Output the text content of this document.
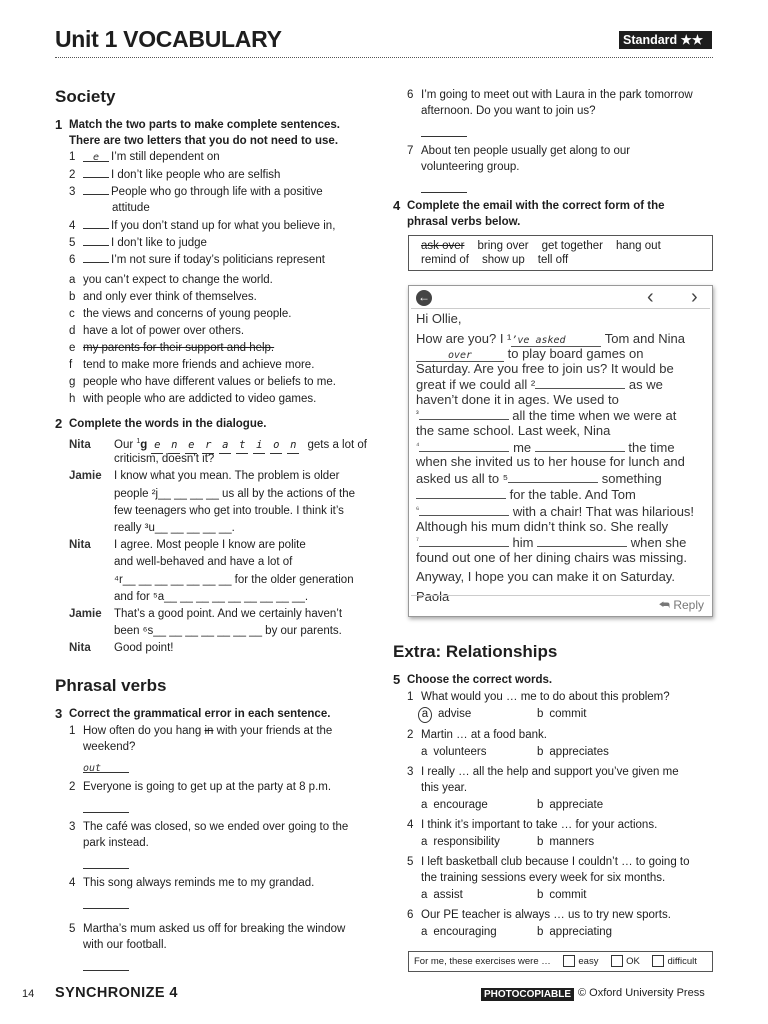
Unit 1 VOCABULARY	Standard ★★
Society
1 Match the two parts to make complete sentences.
There are two letters that you do not need to use.
1 e I’m still dependent on
2	I don’t like people who are selfish
3	People who go through life with a positive
attitude
4	If you don’t stand up for what you believe in,
5	I don’t like to judge
6	I’m not sure if today’s politicians represent
a you can’t expect to change the world.
b and only ever think of themselves.
c the views and concerns of young people.
d have a lot of power over others.
e my parents for their support and help.
f tend to make more friends and achieve more.
g people who have different values or beliefs to me.
h with people who are addicted to video games.
2 Complete the words in the dialogue.
Nita Our $^1$g e n e r a t i o n gets a lot of
criticism, doesn’t it?
Jamie I know what you mean. The problem is older
people ²j__ __ __ __ us all by the actions of the
few teenagers who get into trouble. I think it’s
really ³u__ __ __ __ __.
Nita I agree. Most people I know are polite
and well-behaved and have a lot of
⁴r__ __ __ __ __ __ __ for the older generation
and for ⁵a__ __ __ __ __ __ __ __ __.
Jamie That’s a good point. And we certainly haven’t
been ⁶s__ __ __ __ __ __ __ by our parents.
Nita Good point!
Phrasal verbs
3 Correct the grammatical error in each sentence.
1 How often do you hang in with your friends at the
weekend?
out
2 Everyone is going to get up at the party at 8 p.m.
3 The café was closed, so we ended over going to the
park instead.
4 This song always reminds me to my grandad.
5 Martha’s mum asked us off for breaking the window
with our football.
6 I’m going to meet out with Laura in the park tomorrow
afternoon. Do you want to join us?
7 About ten people usually get along to our
volunteering group.
4 Complete the email with the correct form of the
phrasal verbs below.
ask over bring over get together hang out
remind of show up tell off
←	‹ ›
Hi Ollie,
How are you? I ¹’ve asked	Tom and Nina
over	to play board games on
Saturday. Are you free to join us? It would be
great if we could all ²	as we
haven’t done it in ages. We used to
$^{^3}$	all the time when we were at
the same school. Last week, Nina
$^{^4}$	me	the time
when she invited us to her house for lunch and
asked us all to ⁵	something
for the table. And Tom
$^{^6}$	with a chair! That was hilarious!
Although his mum didn’t think so. She really
$^{^7}$	him	when she
found out one of her dining chairs was missing.
Anyway, I hope you can make it on Saturday.
Paola
⮪ Reply
Extra: Relationships
5 Choose the correct words.
1 What would you … me to do about this problem?
a advise	b commit
2 Martin … at a food bank.
a volunteers	b appreciates
3 I really … all the help and support you’ve given me
this year.
a encourage	b appreciate
4 I think it’s important to take … for your actions.
a responsibility	b manners
5 I left basketball club because I couldn’t … to going to
the training sessions every week for six months.
a assist	b commit
6 Our PE teacher is always … us to try new sports.
a encouraging	b appreciating
For me, these exercises were …	easy	OK	difficult
14 SYNCHRONIZE 4	PHOTOCOPIABLE © Oxford University Press
